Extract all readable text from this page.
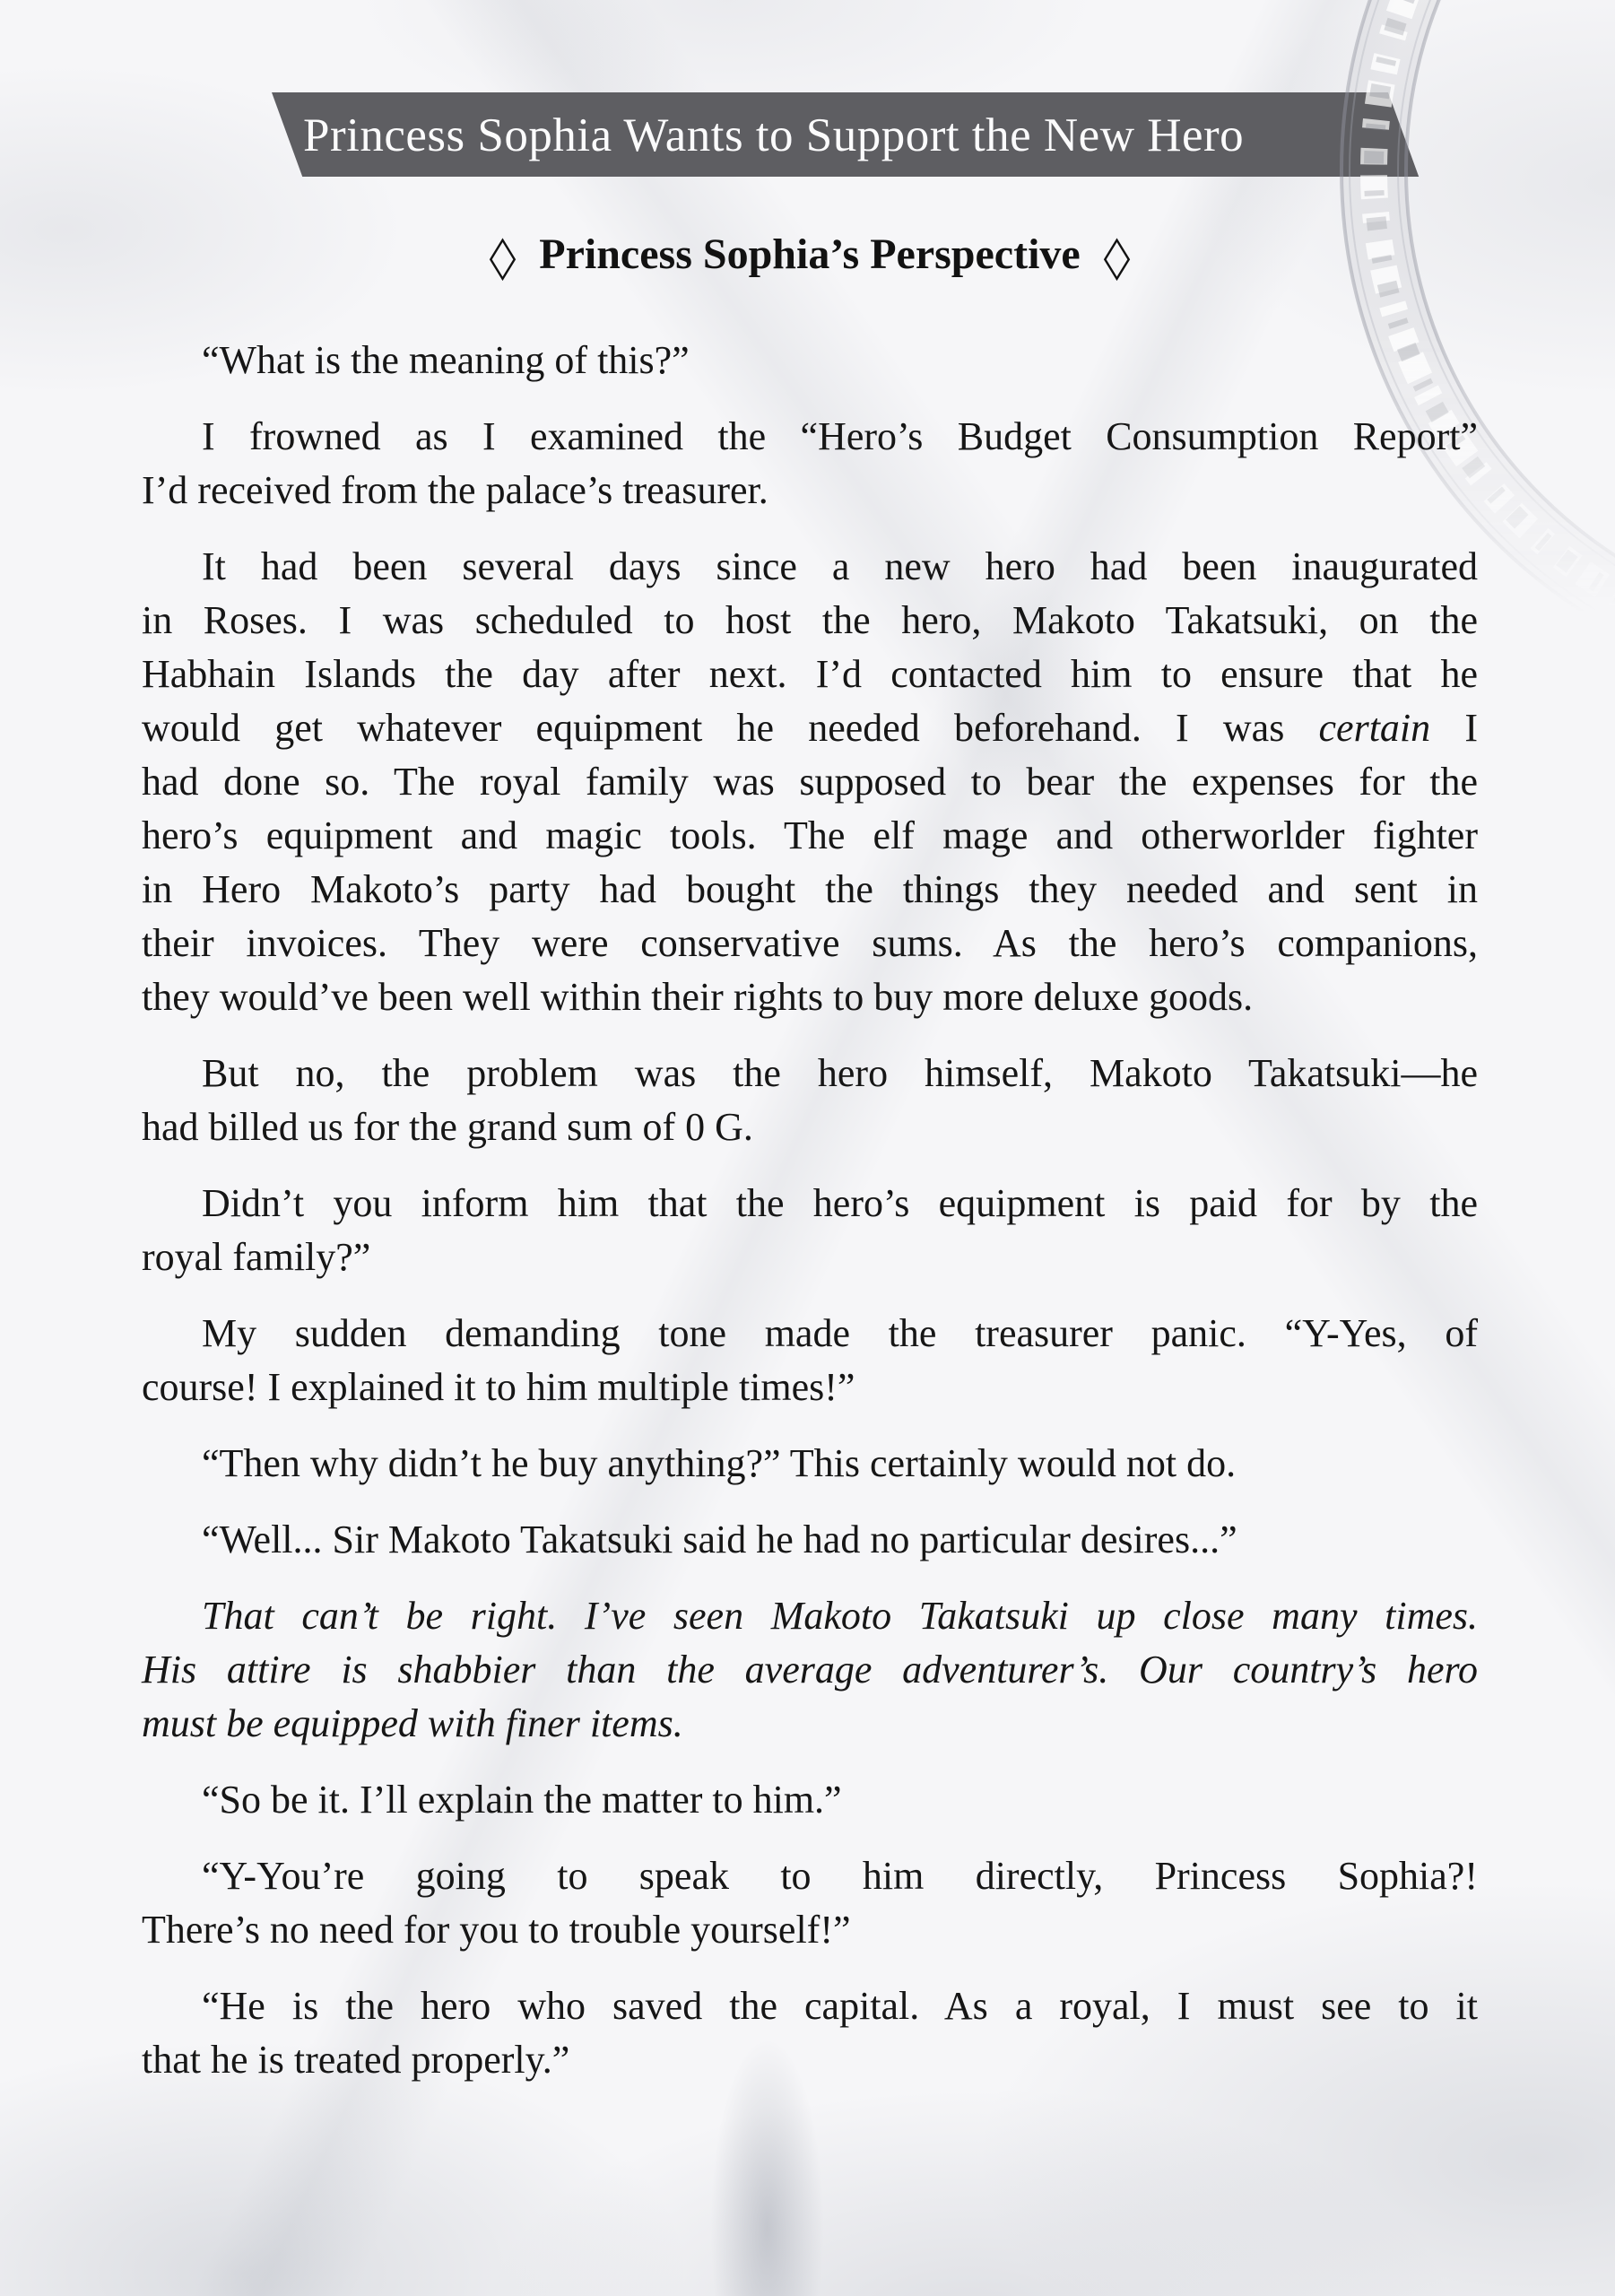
Princess Sophia Wants to Support the New Hero
◇ Princess Sophia’s Perspective ◇
“What is the meaning of this?”
I frowned as I examined the “Hero’s Budget Consumption Report”
I’d received from the palace’s treasurer.
It had been several days since a new hero had been inaugurated
in Roses. I was scheduled to host the hero, Makoto Takatsuki, on the
Habhain Islands the day after next. I’d contacted him to ensure that he
would get whatever equipment he needed beforehand. I was certain I
had done so. The royal family was supposed to bear the expenses for the
hero’s equipment and magic tools. The elf mage and otherworlder fighter
in Hero Makoto’s party had bought the things they needed and sent in
their invoices. They were conservative sums. As the hero’s companions,
they would’ve been well within their rights to buy more deluxe goods.
But no, the problem was the hero himself, Makoto Takatsuki—he
had billed us for the grand sum of 0 G.
Didn’t you inform him that the hero’s equipment is paid for by the
royal family?”
My sudden demanding tone made the treasurer panic. “Y-Yes, of
course! I explained it to him multiple times!”
“Then why didn’t he buy anything?” This certainly would not do.
“Well... Sir Makoto Takatsuki said he had no particular desires...”
That can’t be right. I’ve seen Makoto Takatsuki up close many times.
His attire is shabbier than the average adventurer’s. Our country’s hero
must be equipped with finer items.
“So be it. I’ll explain the matter to him.”
“Y-You’re going to speak to him directly, Princess Sophia?!
There’s no need for you to trouble yourself!”
“He is the hero who saved the capital. As a royal, I must see to it
that he is treated properly.”
